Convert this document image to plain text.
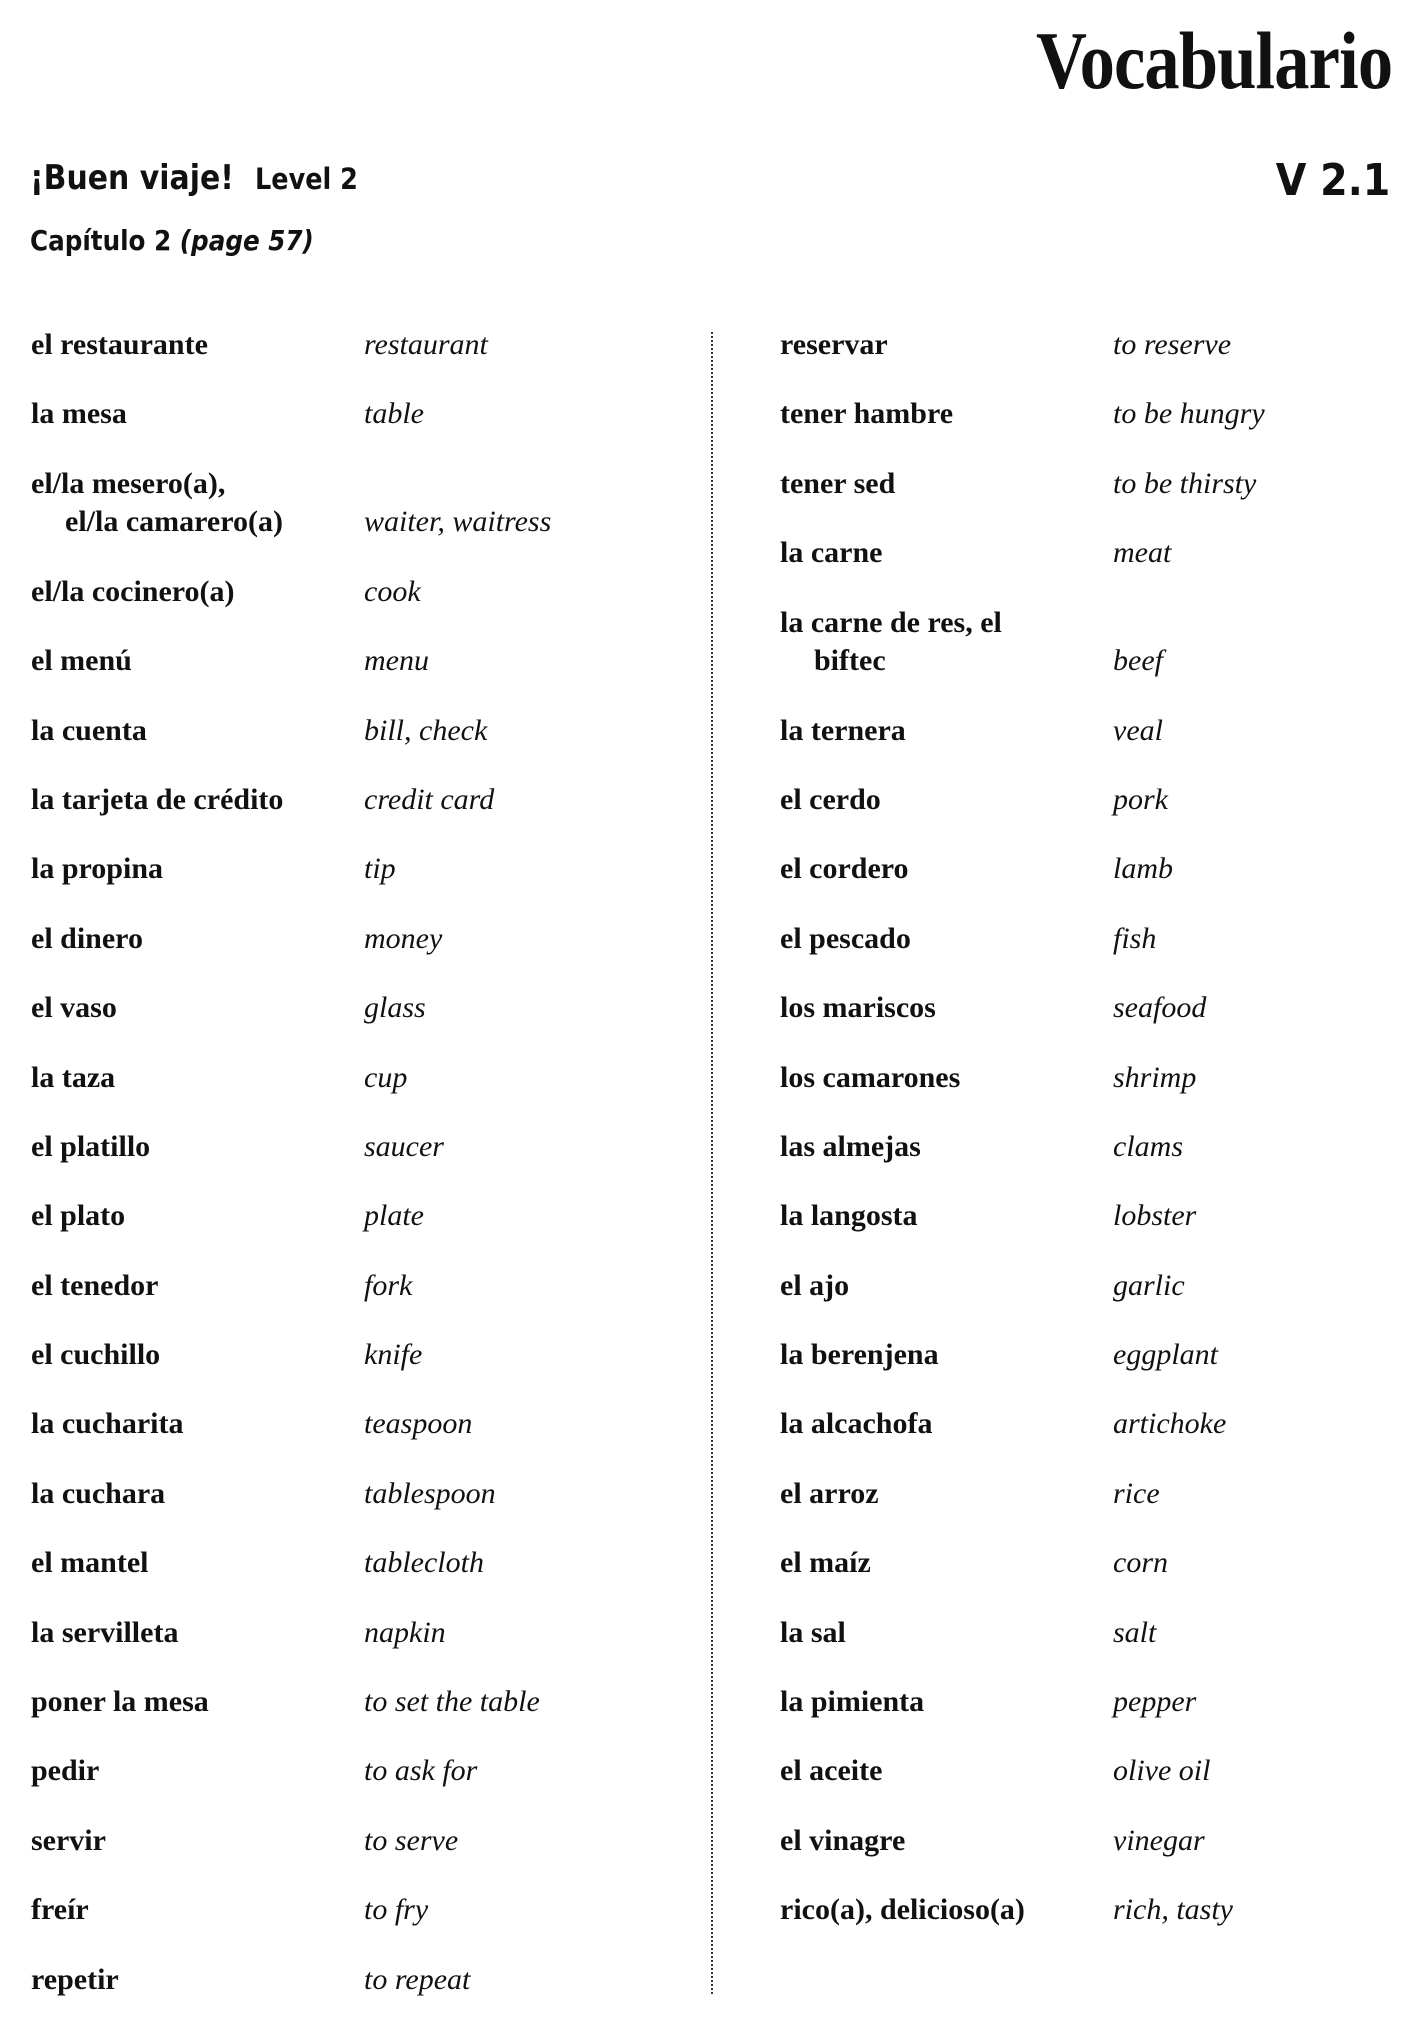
Vocabulario
¡Buen viaje! Level 2	V 2.1
Capítulo 2 (page 57)
el restaurante	restaurant
la mesa	table
el/la mesero(a),
el/la camarero(a)	waiter, waitress
el/la cocinero(a)	cook
el menú	menu
la cuenta	bill, check
la tarjeta de crédito	credit card
la propina	tip
el dinero	money
el vaso	glass
la taza	cup
el platillo	saucer
el plato	plate
el tenedor	fork
el cuchillo	knife
la cucharita	teaspoon
la cuchara	tablespoon
el mantel	tablecloth
la servilleta	napkin
poner la mesa	to set the table
pedir	to ask for
servir	to serve
freír	to fry
repetir	to repeat
reservar	to reserve
tener hambre	to be hungry
tener sed	to be thirsty
la carne	meat
la carne de res, el
biftec	beef
la ternera	veal
el cerdo	pork
el cordero	lamb
el pescado	fish
los mariscos	seafood
los camarones	shrimp
las almejas	clams
la langosta	lobster
el ajo	garlic
la berenjena	eggplant
la alcachofa	artichoke
el arroz	rice
el maíz	corn
la sal	salt
la pimienta	pepper
el aceite	olive oil
el vinagre	vinegar
rico(a), delicioso(a)	rich, tasty
